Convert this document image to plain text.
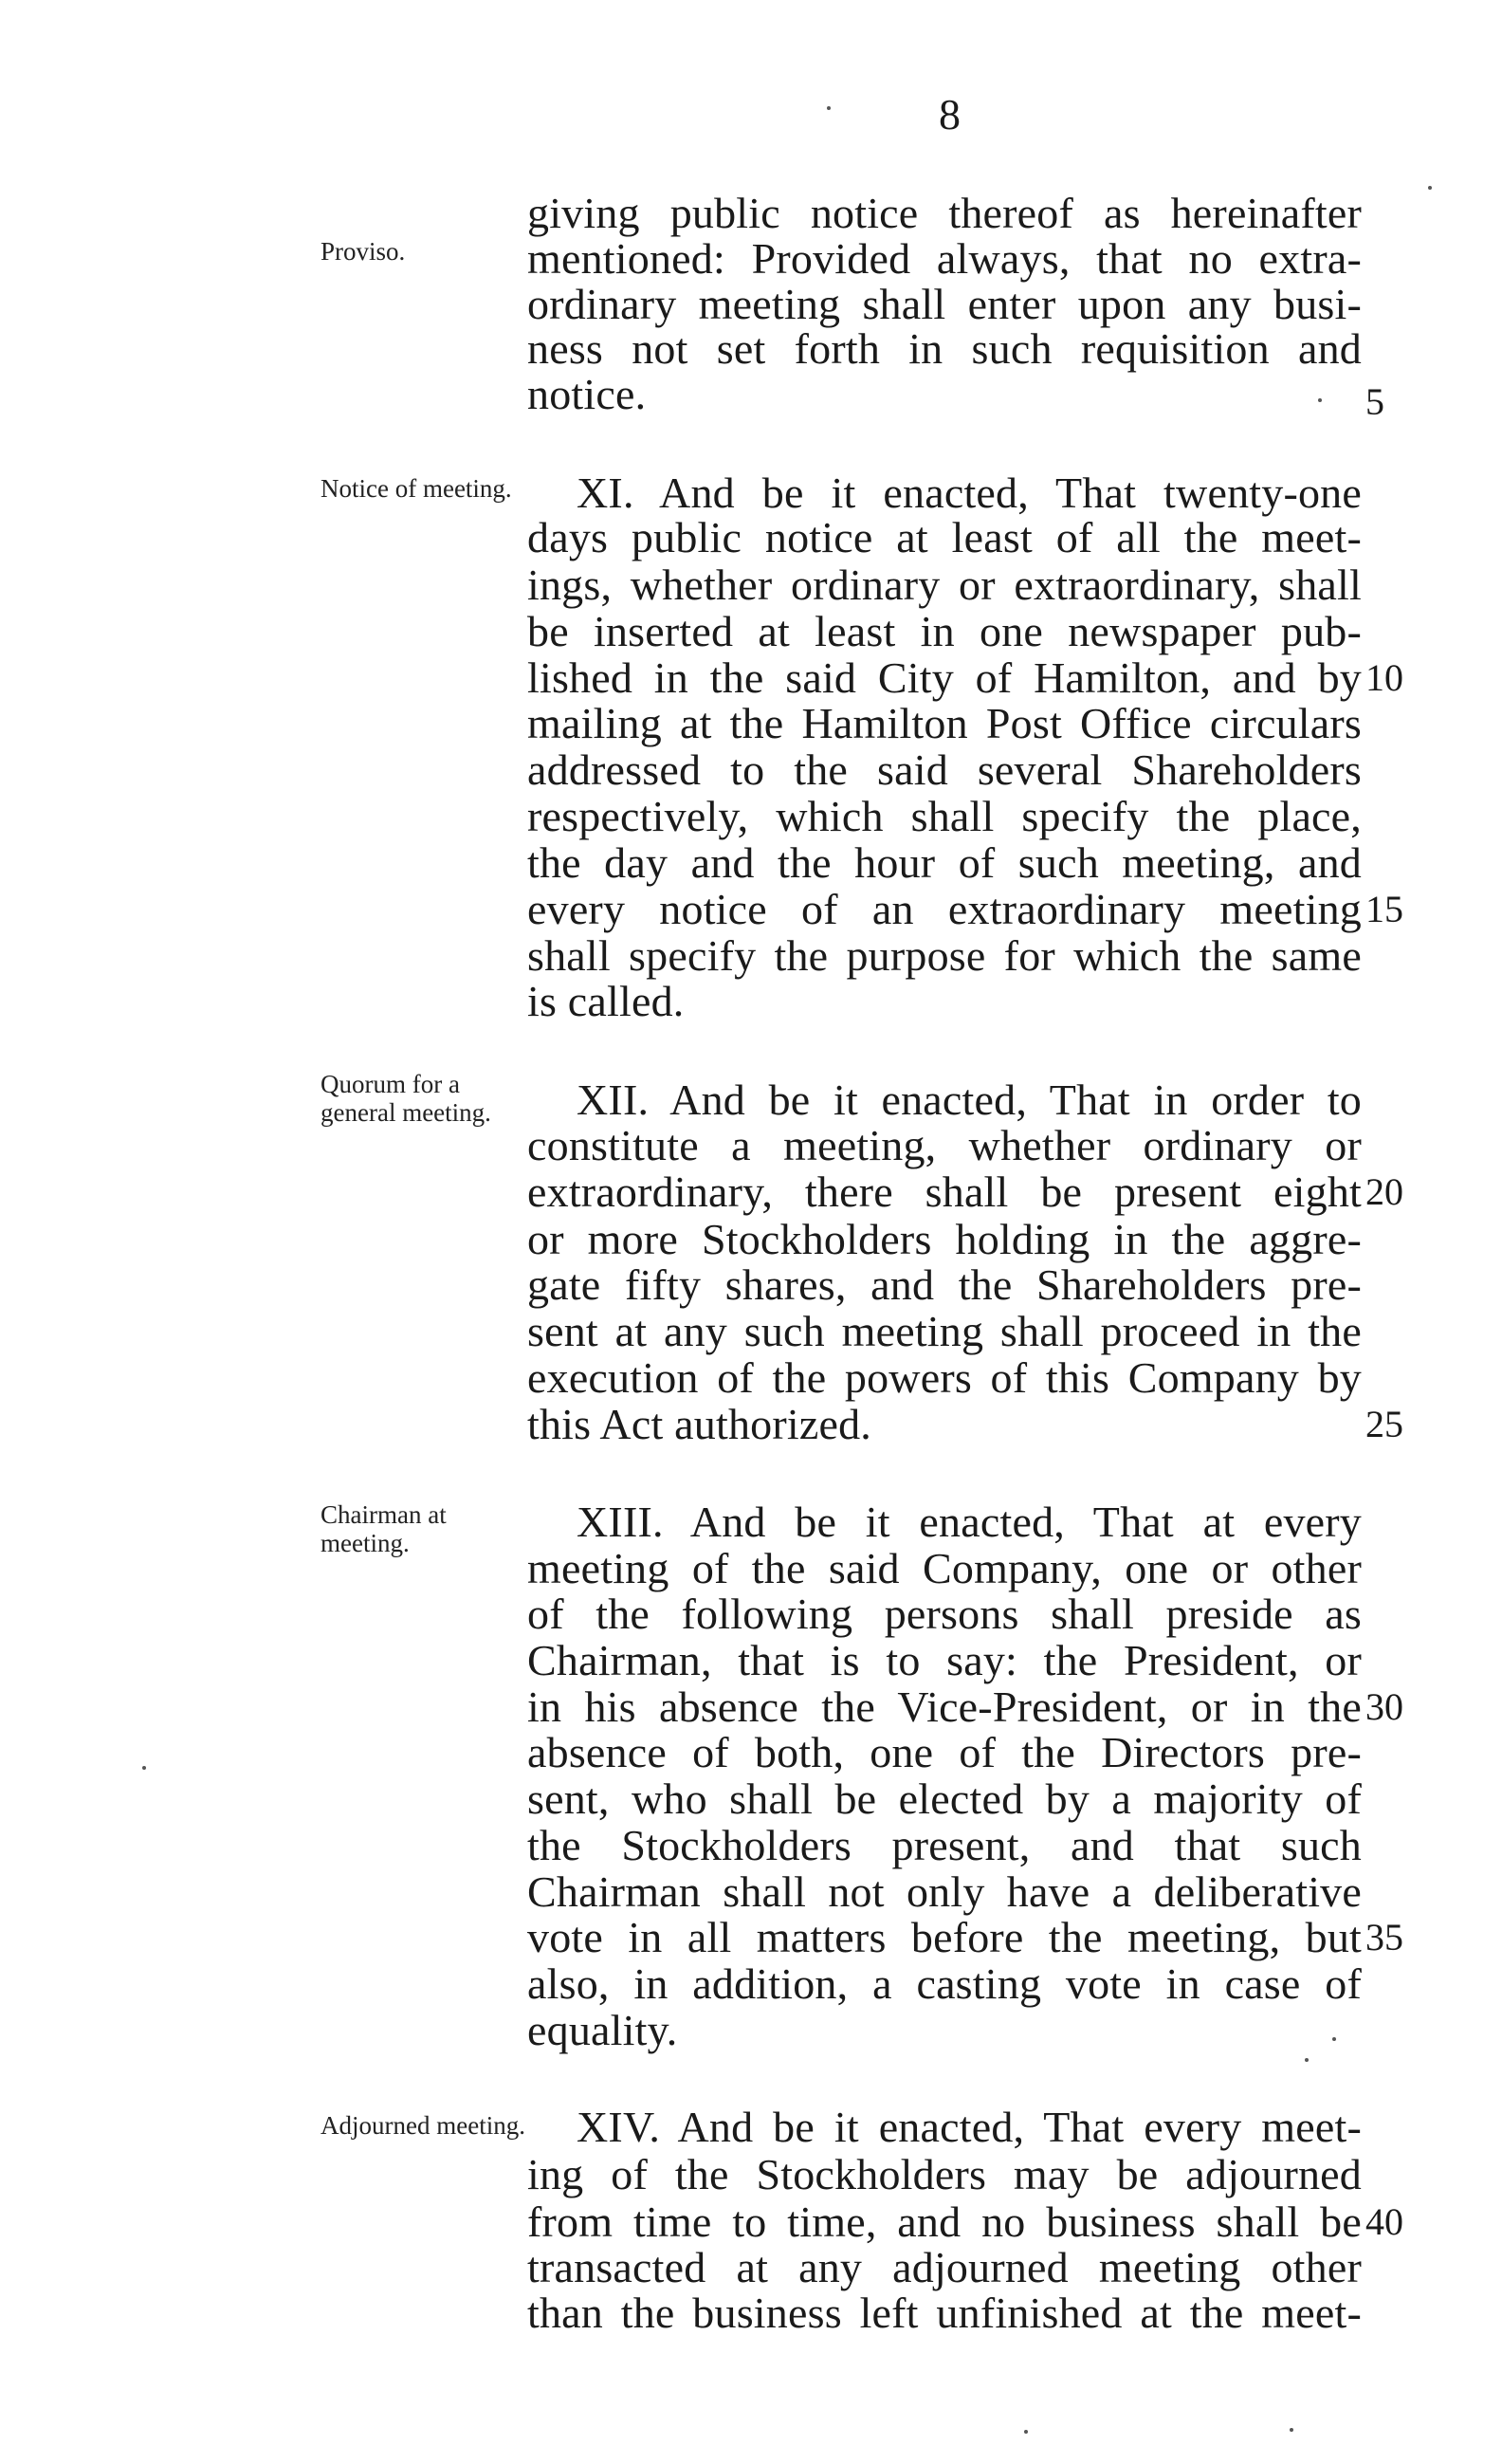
8
Proviso.
Notice of meeting.
Quorum for a general meeting.
Chairman at meeting.
Adjourned meeting.
giving public notice thereof as hereinafter
mentioned: Provided always, that no extra-
ordinary meeting shall enter upon any busi-
ness not set forth in such requisition and
notice.
XI. And be it enacted, That twenty-one
days public notice at least of all the meet-
ings, whether ordinary or extraordinary, shall
be inserted at least in one newspaper pub-
lished in the said City of Hamilton, and by
mailing at the Hamilton Post Office circulars
addressed to the said several Shareholders
respectively, which shall specify the place,
the day and the hour of such meeting, and
every notice of an extraordinary meeting
shall specify the purpose for which the same
is called.
XII. And be it enacted, That in order to
constitute a meeting, whether ordinary or
extraordinary, there shall be present eight
or more Stockholders holding in the aggre-
gate fifty shares, and the Shareholders pre-
sent at any such meeting shall proceed in the
execution of the powers of this Company by
this Act authorized.
XIII. And be it enacted, That at every
meeting of the said Company, one or other
of the following persons shall preside as
Chairman, that is to say: the President, or
in his absence the Vice-President, or in the
absence of both, one of the Directors pre-
sent, who shall be elected by a majority of
the Stockholders present, and that such
Chairman shall not only have a deliberative
vote in all matters before the meeting, but
also, in addition, a casting vote in case of
equality.
XIV. And be it enacted, That every meet-
ing of the Stockholders may be adjourned
from time to time, and no business shall be
transacted at any adjourned meeting other
than the business left unfinished at the meet-
5
10
15
20
25
30
35
40
